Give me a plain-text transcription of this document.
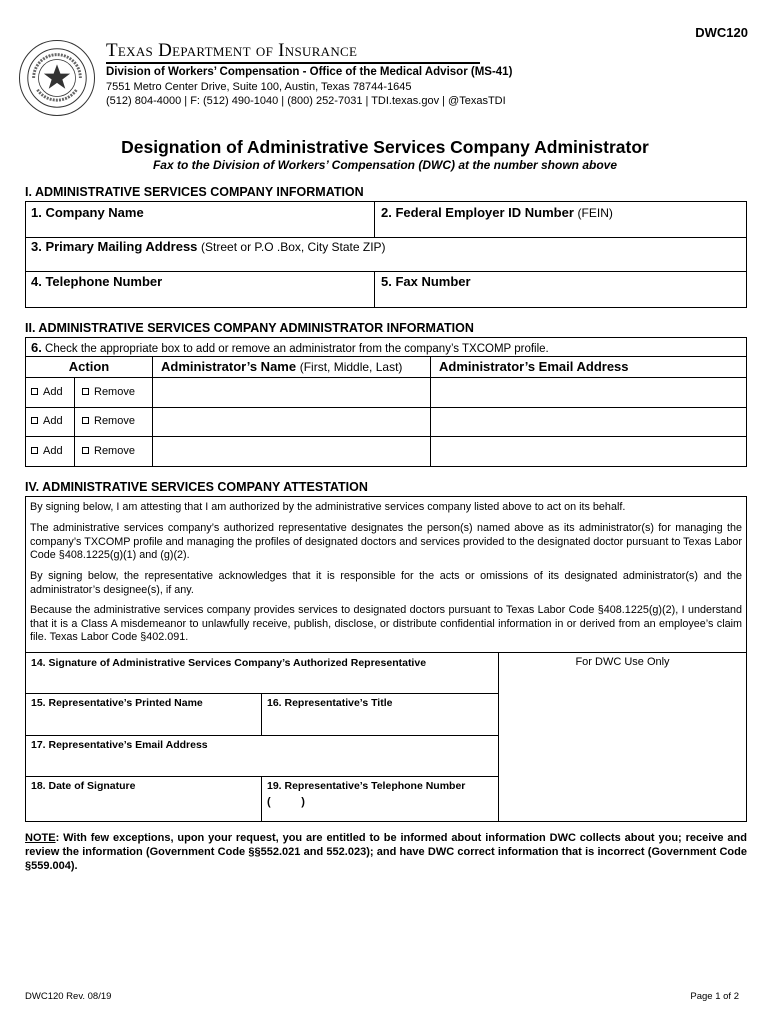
DWC120
Texas Department of Insurance
Division of Workers’ Compensation - Office of the Medical Advisor (MS-41)
7551 Metro Center Drive, Suite 100, Austin, Texas 78744-1645
(512) 804-4000 | F: (512) 490-1040 | (800) 252-7031 | TDI.texas.gov | @TexasTDI
Designation of Administrative Services Company Administrator
Fax to the Division of Workers’ Compensation (DWC) at the number shown above
I. ADMINISTRATIVE SERVICES COMPANY INFORMATION
1. Company Name	2. Federal Employer ID Number (FEIN)
3. Primary Mailing Address (Street or P.O .Box, City State ZIP)
4. Telephone Number	5. Fax Number
II. ADMINISTRATIVE SERVICES COMPANY ADMINISTRATOR INFORMATION
6. Check the appropriate box to add or remove an administrator from the company’s TXCOMP profile.
Action	Administrator’s Name (First, Middle, Last)	Administrator’s Email Address
Add	Remove
Add	Remove
Add	Remove
IV. ADMINISTRATIVE SERVICES COMPANY ATTESTATION
By signing below, I am attesting that I am authorized by the administrative services company listed above to act on its behalf.
The administrative services company’s authorized representative designates the person(s) named above as its administrator(s) for managing the company’s TXCOMP profile and managing the profiles of designated doctors and services provided to the designated doctor pursuant to Texas Labor Code §408.1225(g)(1) and (g)(2).
By signing below, the representative acknowledges that it is responsible for the acts or omissions of its designated administrator(s) and the administrator’s designee(s), if any.
Because the administrative services company provides services to designated doctors pursuant to Texas Labor Code §408.1225(g)(2), I understand that it is a Class A misdemeanor to unlawfully receive, publish, disclose, or distribute confidential information in or derived from an employee’s claim file. Texas Labor Code §402.091.
14. Signature of Administrative Services Company’s Authorized Representative	For DWC Use Only
15. Representative’s Printed Name	16. Representative’s Title
17. Representative’s Email Address
18. Date of Signature	19. Representative’s Telephone Number
(          )
NOTE: With few exceptions, upon your request, you are entitled to be informed about information DWC collects about you; receive and review the information (Government Code §§552.021 and 552.023); and have DWC correct information that is incorrect (Government Code §559.004).
DWC120 Rev. 08/19	Page 1 of 2
